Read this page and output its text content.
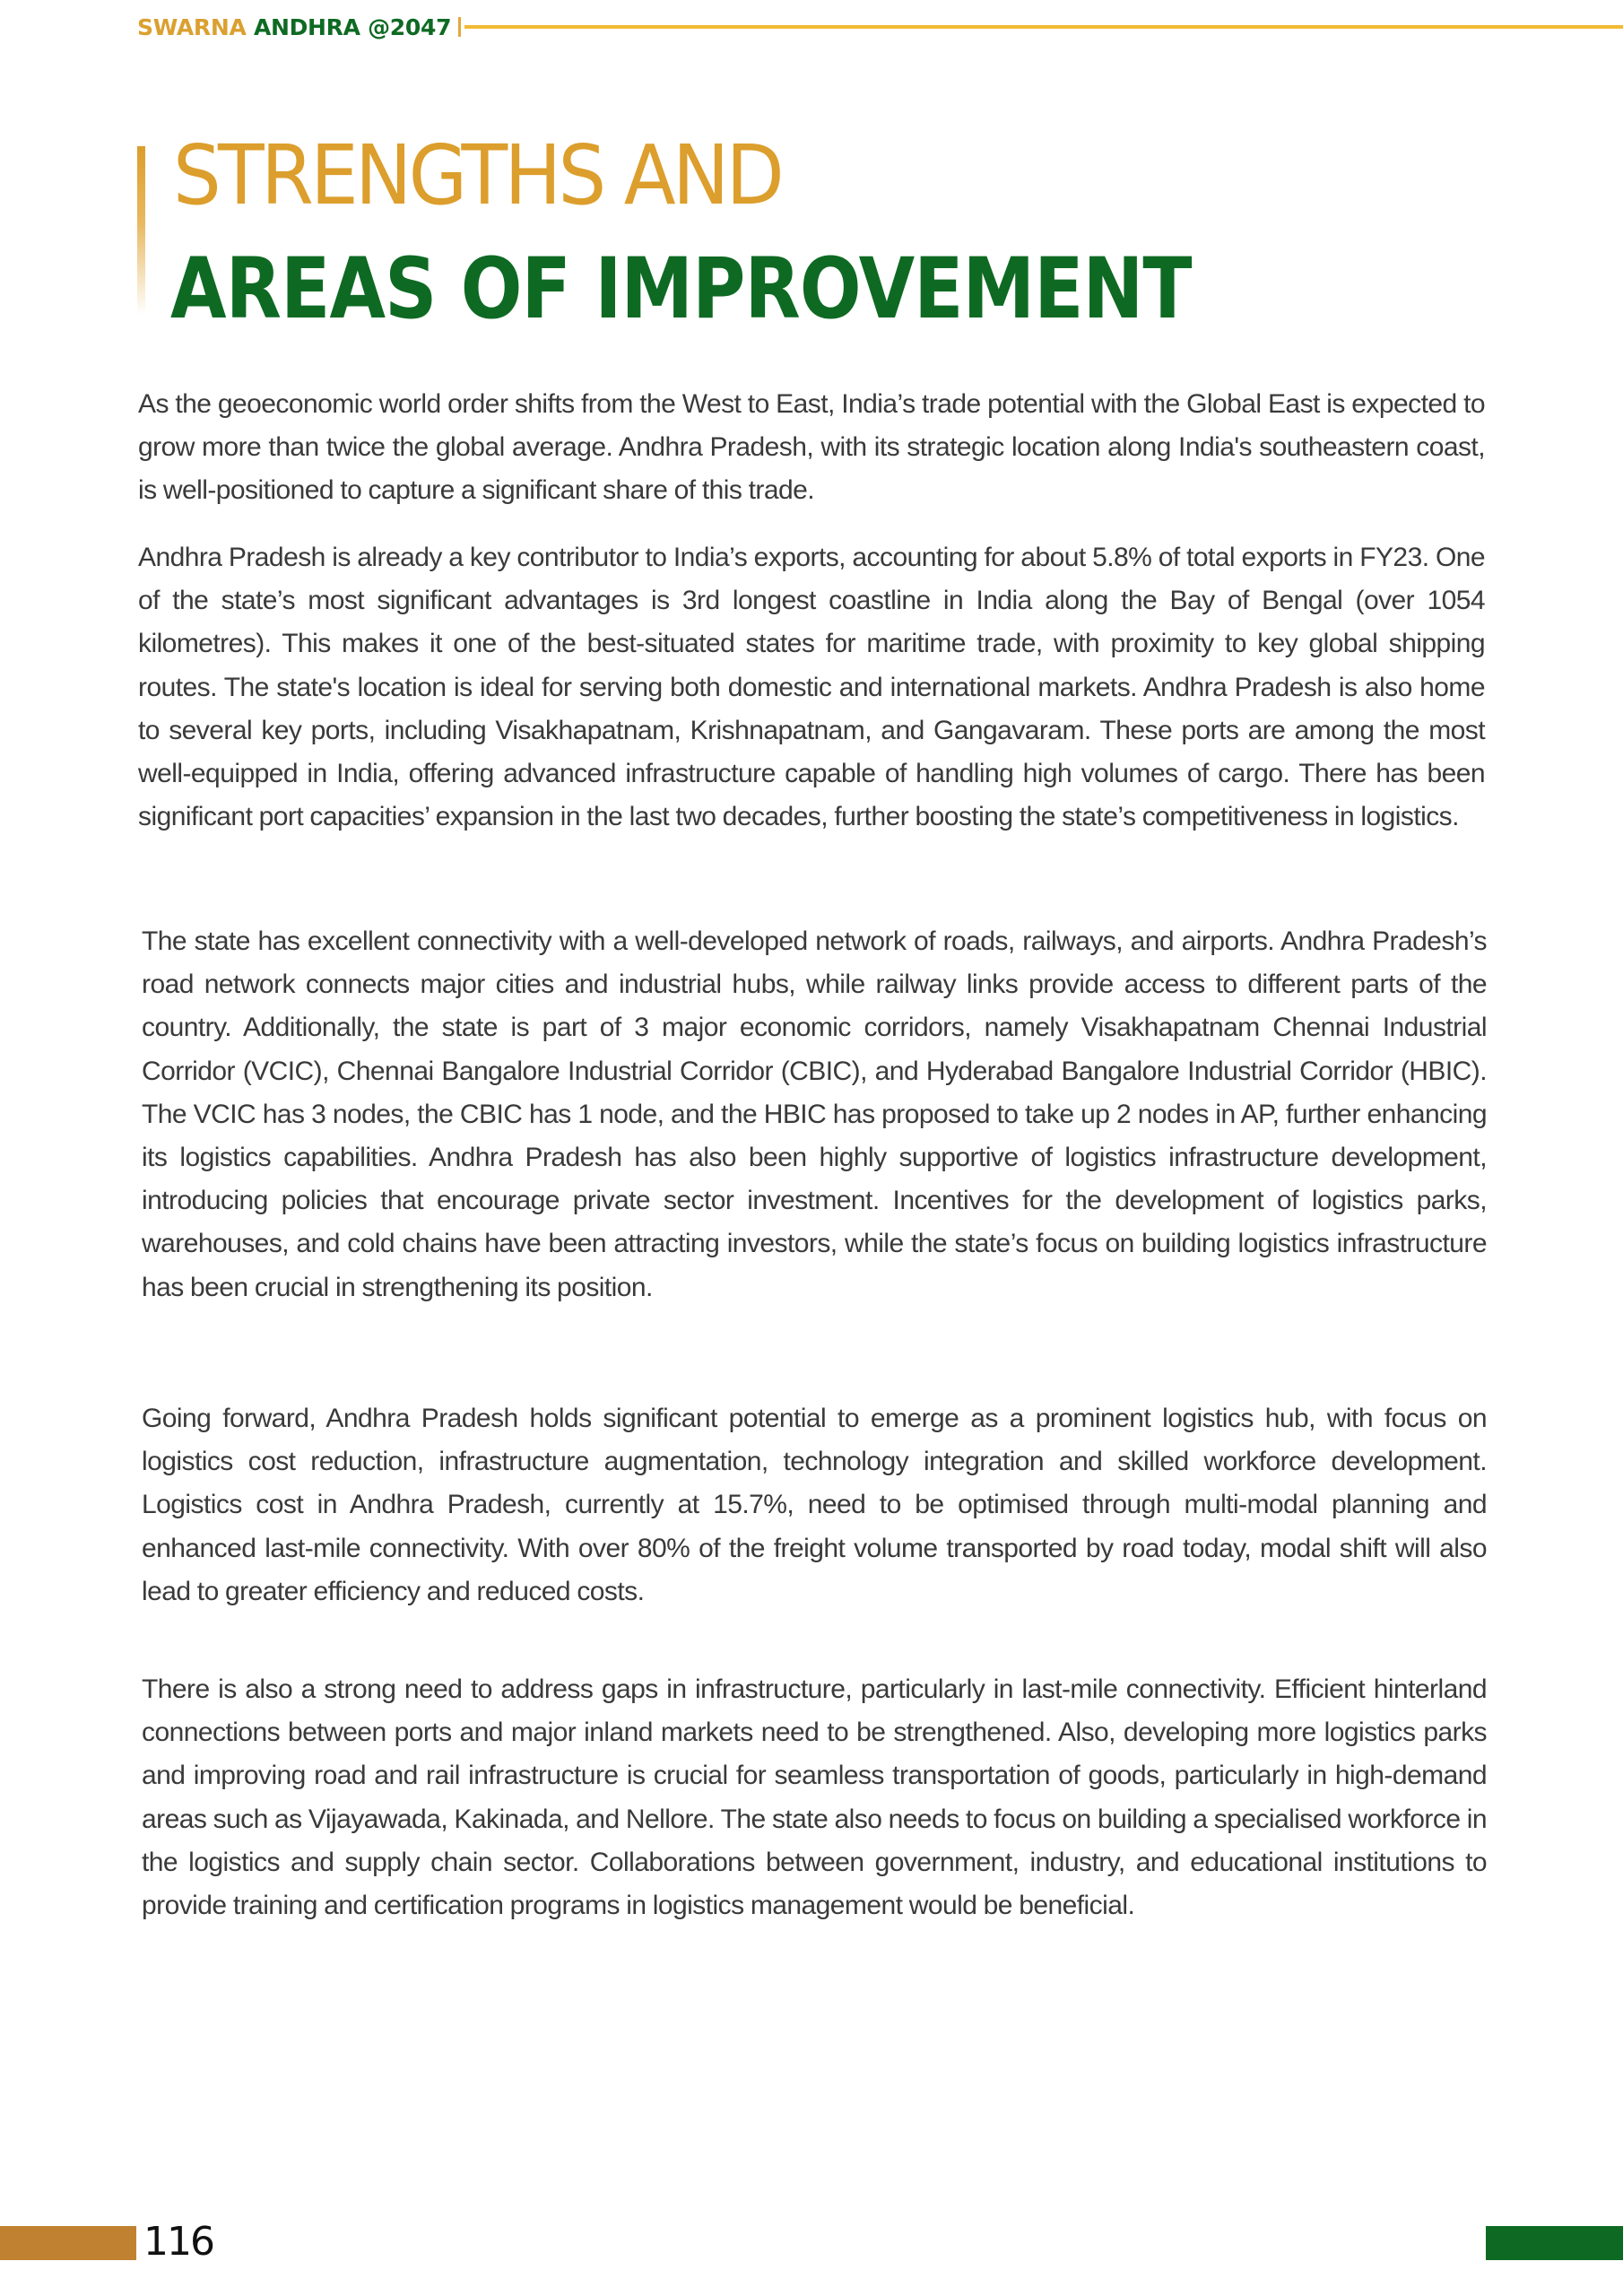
SWARNA ANDHRA @2047
STRENGTHS AND
AREAS OF IMPROVEMENT

As the geoeconomic world order shifts from the West to East, India’s trade potential with the Global East is expected to grow more than twice the global average. Andhra Pradesh, with its strategic location along India's southeastern coast, is well-positioned to capture a significant share of this trade.

Andhra Pradesh is already a key contributor to India’s exports, accounting for about 5.8% of total exports in FY23. One of the state’s most significant advantages is 3rd longest coastline in India along the Bay of Bengal (over 1054 kilometres). This makes it one of the best-situated states for maritime trade, with proximity to key global shipping routes. The state's location is ideal for serving both domestic and international markets. Andhra Pradesh is also home to several key ports, including Visakhapatnam, Krishnapatnam, and Gangavaram. These ports are among the most well-equipped in India, offering advanced infrastructure capable of handling high volumes of cargo. There has been significant port capacities’ expansion in the last two decades, further boosting the state’s competitiveness in logistics.

The state has excellent connectivity with a well-developed network of roads, railways, and airports. Andhra Pradesh’s road network connects major cities and industrial hubs, while railway links provide access to different parts of the country. Additionally, the state is part of 3 major economic corridors, namely Visakhapatnam Chennai Industrial Corridor (VCIC), Chennai Bangalore Industrial Corridor (CBIC), and Hyderabad Bangalore Industrial Corridor (HBIC). The VCIC has 3 nodes, the CBIC has 1 node, and the HBIC has proposed to take up 2 nodes in AP, further enhancing its logistics capabilities. Andhra Pradesh has also been highly supportive of logistics infrastructure development, introducing policies that encourage private sector investment. Incentives for the development of logistics parks, warehouses, and cold chains have been attracting investors, while the state’s focus on building logistics infrastructure has been crucial in strengthening its position.

Going forward, Andhra Pradesh holds significant potential to emerge as a prominent logistics hub, with focus on logistics cost reduction, infrastructure augmentation, technology integration and skilled workforce development. Logistics cost in Andhra Pradesh, currently at 15.7%, need to be optimised through multi-modal planning and enhanced last-mile connectivity. With over 80% of the freight volume transported by road today, modal shift will also lead to greater efficiency and reduced costs.

There is also a strong need to address gaps in infrastructure, particularly in last-mile connectivity. Efficient hinterland connections between ports and major inland markets need to be strengthened. Also, developing more logistics parks and improving road and rail infrastructure is crucial for seamless transportation of goods, particularly in high-demand areas such as Vijayawada, Kakinada, and Nellore. The state also needs to focus on building a specialised workforce in the logistics and supply chain sector. Collaborations between government, industry, and educational institutions to provide training and certification programs in logistics management would be beneficial.

116
